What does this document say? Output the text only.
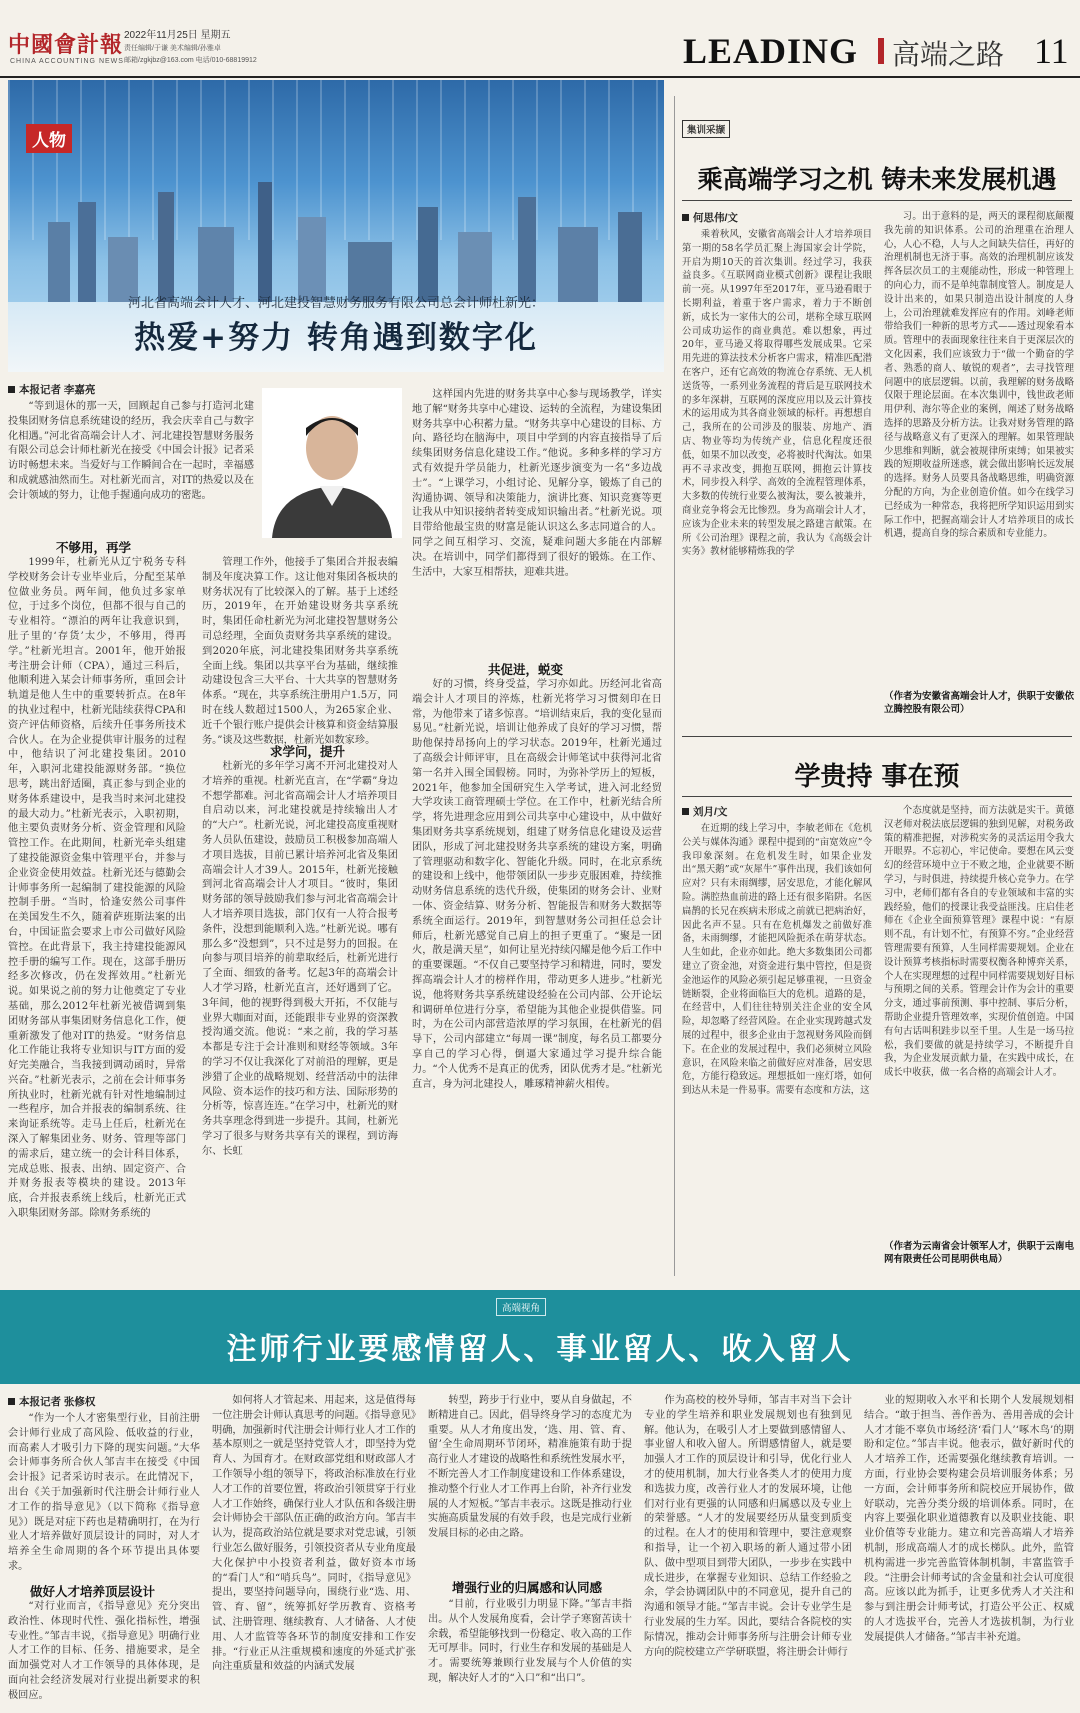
中國會計報
CHINA ACCOUNTING NEWS
2022年11月25日 星期五
责任编辑/于谦 美术编辑/孙雅卓
邮箱/zgkjbz@163.com 电话/010-68819912	LEADING 高端之路 11
人物
河北省高端会计人才、河北建投智慧财务服务有限公司总会计师杜新光：
热爱+努力 转角遇到数字化
本报记者 李嘉亮
“等到退休的那一天，回顾起自己参与打造河北建投集团财务信息系统建设的经历，我会庆幸自己与数字化相遇。”河北省高端会计人才、河北建投智慧财务服务有限公司总会计师杜新光在接受《中国会计报》记者采访时畅想未来。当爱好与工作瞬间合在一起时，幸福感和成就感油然而生。对杜新光而言，对IT的热爱以及在会计领域的努力，让他手握通向成功的密匙。
不够用，再学
1999年，杜新光从辽宁税务专科学校财务会计专业毕业后，分配至某单位做业务员。两年间，他负过多家单位，于过多个岗位，但都不很与自己的专业相符。“漂泊的两年让我意识到，肚子里的‘存货’太少，不够用，得再学。”杜新光坦言。2001年，他开始报考注册会计师（CPA），通过三科后，他顺利进入某会计师事务所，重回会计轨道是他人生中的重要转折点。在8年的执业过程中，杜新光陆续获得CPA和资产评估师资格，后续升任事务所技术合伙人。在为企业提供审计服务的过程中，他结识了河北建投集团。2010年，入职河北建投能源财务部。“换位思考，跳出舒适圈，真正参与到企业的财务体系建设中，是我当时来河北建投的最大动力。”杜新光表示，入职初期，他主要负责财务分析、资金管理和风险管控工作。在此期间，杜新光牵头组建了建投能源资金集中管理平台，并参与企业资金使用效益。杜新光还与德勤会计师事务所一起编制了建投能源的风险控制手册。“当时，恰逢安然公司事件在美国发生不久，随着萨班斯法案的出台，中国证监会要求上市公司做好风险管控。在此背景下，我主持建投能源风控手册的编写工作。现在，这部手册历经多次修改，仍在发挥效用。”杜新光说。如果说之前的努力让他奠定了专业基础，那么2012年杜新光被借调到集团财务部从事集团财务信息化工作，便重新激发了他对IT的热爱。“财务信息化工作能让我将专业知识与IT方面的爱好完美融合，当我接到调动函时，异常兴奋。”杜新光表示，之前在会计师事务所执业时，杜新光就有针对性地编制过一些程序，加合并报表的编制系统、往来询证系统等。走马上任后，杜新光在深入了解集团业务、财务、管理等部门的需求后，建立统一的会计科目体系，完成总账、报表、出纳、固定资产、合并财务报表等模块的建设。2013年底，合并报表系统上线后，杜新光正式入职集团财务部。除财务系统的
管理工作外，他接手了集团合并报表编制及年度决算工作。这让他对集团各板块的财务状况有了比较深入的了解。基于上述经历，2019年，在开始建设财务共享系统时，集团任命杜新光为河北建投智慧财务公司总经理，全面负责财务共享系统的建设。到2020年底，河北建投集团财务共享系统全面上线。集团以共享平台为基础，继续推动建设包含三大平台、十大共享的智慧财务体系。“现在，共享系统注册用户1.5万，同时在线人数超过1500人，为265家企业、近千个银行账户提供会计核算和资金结算服务。”谈及这些数据，杜新光如数家珍。
求学问，提升
杜新光的多年学习离不开河北建投对人才培养的重视。杜新光直言，在“学霸”身边不想学都难。河北省高端会计人才培养项目自启动以来，河北建投就是持续输出人才的“大户”。杜新光说，河北建投高度重视财务人员队伍建设，鼓励员工积极参加高端人才项目选拔，目前已累计培养河北省及集团高端会计人才39人。2015年，杜新光接触到河北省高端会计人才项目。“彼时，集团财务部的领导鼓励我们参与河北省高端会计人才培养项目选拔，部门仅有一人符合报考条件，没想到能顺利入选。”杜新光说。哪有那么多“没想到”，只不过是努力的回报。在向参与项目培养的前辈取经后，杜新光进行了全面、细致的备考。忆起3年的高端会计人才学习路，杜新光直言，还好遇到了它。3年间，他的视野得到极大开拓，不仅能与业界大咖面对面，还能跟非专业界的资深教授沟通交流。他说：“来之前，我的学习基本都是专注于会计准则和财经等领域。3年的学习不仅让我深化了对前沿的理解，更是涉猎了企业的战略规划、经营活动中的法律风险、资本运作的技巧和方法、国际形势的分析等，惊喜连连。”在学习中，杜新光的财务共享理念得到进一步提升。其间，杜新光学习了很多与财务共享有关的课程，到访海尔、长虹
这样国内先进的财务共享中心参与现场教学，详实地了解“财务共享中心建设、运转的全流程，为建设集团财务共享中心积蓄力量。“财务共享中心建设的目标、方向、路径均在脑海中，项目中学到的内容直接指导了后续集团财务信息化建设工作。”他说。多种多样的学习方式有效提升学员能力，杜新光逐步演变为一名“多边战士”。“上课学习，小组讨论、见解分享，锻炼了自己的沟通协调、领导和决策能力，演讲比赛、知识竞赛等更让我从中知识接纳者转变成知识输出者。”杜新光说。项目带给他最宝贵的财富是能认识这么多志同道合的人。同学之间互相学习、交流，疑难问题大多能在内部解决。在培训中，同学们都得到了很好的锻炼。在工作、生活中，大家互相帮扶，迎难共进。
共促进，蜕变
好的习惯，终身受益，学习亦如此。历经河北省高端会计人才项目的淬炼，杜新光将学习习惯刻印在日常，为他带来了诸多惊喜。“培训结束后，我的变化显而易见。”杜新光说，培训让他养成了良好的学习习惯，帮助他保持昂扬向上的学习状态。2019年，杜新光通过了高级会计师评审，且在高级会计师笔试中获得河北省第一名并入围全国假榜。同时，为弥补学历上的短板，2021年，他参加全国研究生入学考试，进入河北经贸大学攻读工商管理硕士学位。在工作中，杜新光结合所学，将先进理念应用到公司共享中心建设中，从中做好集团财务共享系统规划，组建了财务信息化建设及运营团队，形成了河北建投财务共享系统的建设方案，明确了管理驱动和数字化、智能化升级。同时，在北京系统的建设和上线中，他带领团队一步步克服困难，持续推动财务信息系统的迭代升级，使集团的财务会计、业财一体、资金结算、财务分析、智能报告和财务大数据等系统全面运行。2019年，到智慧财务公司担任总会计师后，杜新光感觉自己肩上的担子更重了。“聚是一团火，散是满天星”，如何让星光持续闪耀是他今后工作中的重要课题。“不仅自己要坚持学习和精进，同时，要发挥高端会计人才的榜样作用，带动更多人进步。”杜新光说，他将财务共享系统建设经验在公司内部、公开论坛和调研单位进行分享，希望能为其他企业提供借鉴。同时，为在公司内部营造浓厚的学习氛围，在杜新光的倡导下，公司内部建立“每周一课”制度，每名员工都要分享自己的学习心得，倒逼大家通过学习提升综合能力。“个人优秀不是真正的优秀，团队优秀才是。”杜新光直言，身为河北建投人，雕琢精神薪火相传。
集训采撷
乘高端学习之机 铸未来发展机遇
何思伟/文
乘着秋风，安徽省高端会计人才培养项目第一期的58名学员汇聚上海国家会计学院，开启为期10天的首次集训。经过学习，我获益良多。《互联网商业模式创新》课程让我眼前一亮。从1997年至2017年，亚马逊看眼于长期利益，着重于客户需求，着力于不断创新，成长为一家伟大的公司，堪称全球互联网公司成功运作的商业典范。难以想象，再过20年，亚马逊又将取得哪些发展成果。它采用先进的算法技术分析客户需求，精准匹配潜在客户，还有它高效的物流仓存系统、无人机送货等，一系列业务流程的背后是互联网技术的多年深耕，互联网的深度应用以及云计算技术的运用成为其各商业领域的标杆。再想想自己，我所在的公司涉及的服装、房地产、酒店、物业等均为传统产业，信息化程度还很低，如果不加以改变，必将被时代淘汰。如果再不寻求改变，拥抱互联网，拥抱云计算技术，同步投入科学、高效的全流程管理体系，大多数的传统行业要么被淘汰，要么被兼并，商业竞争将会无比惨烈。身为高端会计人才，应该为企业未来的转型发展之路建言献策。在所《公司治理》课程之前，我认为《高级会计实务》教材能够精炼我的学
习。出于意料的是，两天的课程彻底颠覆我先前的知识体系。公司的治理重在治理人心，人心不稳，人与人之间缺失信任，再好的治理机制也无济于事。高效的治理机制应该发挥各层次员工的主观能动性，形成一种管理上的向心力，而不是单纯靠制度管人。制度是人设计出来的，如果只制造出设计制度的人身上，公司治理就难发挥应有的作用。刘峰老师带给我们一种新的思考方式——透过现象看本质。管理中的表面现象往往来自于更深层次的文化因素，我们应该致力于“做一个勤奋的学者、熟悉的商人、敏锐的观者”，去寻找管理问题中的底层逻辑。以前，我理解的财务战略仅限于理论层面。在本次集训中，钱世政老师用伊利、海尔等企业的案例，阐述了财务战略选择的思路及分析方法。让我对财务管理的路径与战略意义有了更深入的理解。如果管理缺少思维和判断，就会被规律所束缚；如果被实践的短期收益所迷惑，就会做出影响长远发展的选择。财务人员要具备战略思维，明确资源分配的方向，为企业创造价值。如今在线学习已经成为一种常态，我将把所学知识运用到实际工作中，把握高端会计人才培养项目的成长机遇，提高自身的综合素质和专业能力。
（作者为安徽省高端会计人才，供职于安徽依立腾控股有限公司）
学贵持 事在预
刘月/文
在近期的线上学习中，李敏老师在《危机公关与媒体沟通》课程中提到的“亩宽效应”令我印象深刻。在危机发生时，如果企业发出“黑天鹅”或“灰犀牛”事件出现，我们该如何应对？只有未雨绸缪，居安思危，才能化解风险。满腔热血前进的路上还有很多陷阱。名医扁鹊的长兄在疾病未形成之前就已把病治好，因此名声不显。只有在危机爆发之前做好准备，未雨绸缪，才能把风险扼杀在萌芽状态。人生如此，企业亦如此。绝大多数集团公司都建立了资金池，对资金进行集中管控，但是资金池运作的风险必须引起足够重视，一旦资金链断裂，企业将面临巨大的危机。道路的是，在经营中，人们往往特别关注企业的安全风险，却忽略了经营风险。在企业实现跨越式发展的过程中，很多企业由于忽视财务风险而倒下。在企业的发展过程中，我们必须树立风险意识，在风险来临之前做好应对准备，居安思危，方能行稳致远。理想抵如一座灯塔，如何到达从未是一件易事。需要有态度和方法，这
个态度就是坚持，而方法就是实干。黄德汉老师对税法底层逻辑的独到见解，对税务政策的精准把握，对涉税实务的灵活运用令我大开眼界。不忘初心，牢记使命。要想在风云变幻的经营环境中立于不败之地，企业就要不断学习，与时俱进，持续提升核心竞争力。在学习中，老师们都有各自的专业领域和丰富的实践经验，他们的授课让我受益匪浅。庄启佳老师在《企业全面预算管理》课程中说：“有原则不乱，有计划不忙，有预算不穷。”企业经营管理需要有预算，人生同样需要规划。企业在设计预算考核指标时需要权衡各种博弈关系，个人在实现理想的过程中同样需要规划好目标与预期之间的关系。管理会计作为会计的重要分支，通过事前预测、事中控制、事后分析，帮助企业提升管理效率，实现价值创造。中国有句古话叫积跬步以至千里。人生是一场马拉松，我们要做的就是持续学习，不断提升自我，为企业发展贡献力量，在实践中成长，在成长中收获，做一名合格的高端会计人才。
（作者为云南省会计领军人才，供职于云南电网有限责任公司昆明供电局）
高端视角
注师行业要感情留人、事业留人、收入留人
本报记者 张修权
“作为一个人才密集型行业，目前注册会计师行业成了高风险、低收益的行业，而高素人才吸引力下降的现实问题。”大华会计师事务所合伙人邹吉丰在接受《中国会计报》记者采访时表示。在此情况下，出台《关于加强新时代注册会计师行业人才工作的指导意见》（以下简称《指导意见》）既是对症下药也是精确明打，在为行业人才培养做好顶层设计的同时，对人才培养全生命周期的各个环节提出具体要求。
做好人才培养顶层设计
“对行业而言，《指导意见》充分突出政治性、体现时代性、强化指标性，增强专业性。”邹吉丰说，《指导意见》明确行业人才工作的目标、任务、措施要求，是全面加强党对人才工作领导的具体体现，是面向社会经济发展对行业提出新要求的积极回应。
如何将人才管起来、用起来，这是值得每一位注册会计师认真思考的问题。《指导意见》明确，加强新时代注册会计师行业人才工作的基本原则之一就是坚持党管人才，即坚持为党育人、为国育才。在财政部党组和财政部人才工作领导小组的领导下，将政治标准放在行业人才工作的首要位置，将政治引领贯穿于行业人才工作始终，确保行业人才队伍和各级注册会计师协会干部队伍正确的政治方向。邹吉丰认为，提高政治站位就是要求对党忠诚，引领行业怎么做好服务，引领投资者从专业角度最大化保护中小投资者利益，做好资本市场的“看门人”和“哨兵鸟”。同时，《指导意见》提出，要坚持问题导向，围绕行业“选、用、管、育、留”，统筹抓好学历教育、资格考试、注册管理、继续教育、人才储备、人才使用、人才监管等各环节的制度安排和工作安排。“行业正从注重规模和速度的外延式扩张向注重质量和效益的内涵式发展
转型，跨步于行业中，要从自身做起，不断精进自己。因此，倡导终身学习的态度尤为重要。从人才角度出发，‘选、用、管、育、留’全生命周期环节闭环，精准施策有助于提高行业人才建设的战略性和系统性发展水平，不断完善人才工作制度建设和工作体系建设，推动整个行业人才工作再上台阶，补齐行业发展的人才短板。”邹吉丰表示。这既是推动行业实施高质量发展的有效手段，也是完成行业新发展目标的必由之路。
增强行业的归属感和认同感
“目前，行业吸引力明显下降。”邹吉丰指出。从个人发展角度看，会计学子寒窗苦读十余载，希望能够找到一份稳定、收入高的工作无可厚非。同时，行业生存和发展的基础是人才。需要统筹兼顾行业发展与个人价值的实现，解决好人才的“入口”和“出口”。
作为高校的校外导师，邹吉丰对当下会计专业的学生培养和职业发展规划也有独到见解。他认为，在吸引人才上要做到感情留人、事业留人和收入留人。所谓感情留人，就是要加强人才工作的顶层设计和引导，优化行业人才的使用机制，加大行业各类人才的使用力度和选拔力度，改善行业人才的发展环境，让他们对行业有更强的认同感和归属感以及专业上的荣誉感。“人才的发展要经历从量变到质变的过程。在人才的使用和管理中，要注意观察和指导，让一个初入职场的新人通过带小团队、做中型项目到带大团队，一步步在实践中成长进步，在掌握专业知识、总结工作经验之余，学会协调团队中的不同意见，提升自己的沟通和领导才能。”邹吉丰说。会计专业学生是行业发展的生力军。因此，要结合各院校的实际情况，推动会计师事务所与注册会计师专业方向的院校建立产学研联盟，将注册会计师行
业的短期收入水平和长期个人发展规划相结合。“敢于担当、善作善为、善用善成的会计人才才能不辜负市场经济‘看门人’‘啄木鸟’的期盼和定位。”邹吉丰说。他表示，做好新时代的人才培养工作，还需要强化继续教育培训。一方面，行业协会要构建会员培训服务体系；另一方面，会计师事务所和院校应开展协作，做好联动，完善分类分级的培训体系。同时，在内容上要强化职业道德教育以及职业技能、职业价值等专业能力。建立和完善高端人才培养机制，形成高端人才的成长梯队。此外，监管机构需进一步完善监管体制机制，丰富监管手段。“注册会计师考试的含金量和社会认可度很高。应该以此为抓手，让更多优秀人才关注和参与到注册会计师考试，打造公平公正、权威的人才选拔平台，完善人才选拔机制，为行业发展提供人才储备。”邹吉丰补充道。
